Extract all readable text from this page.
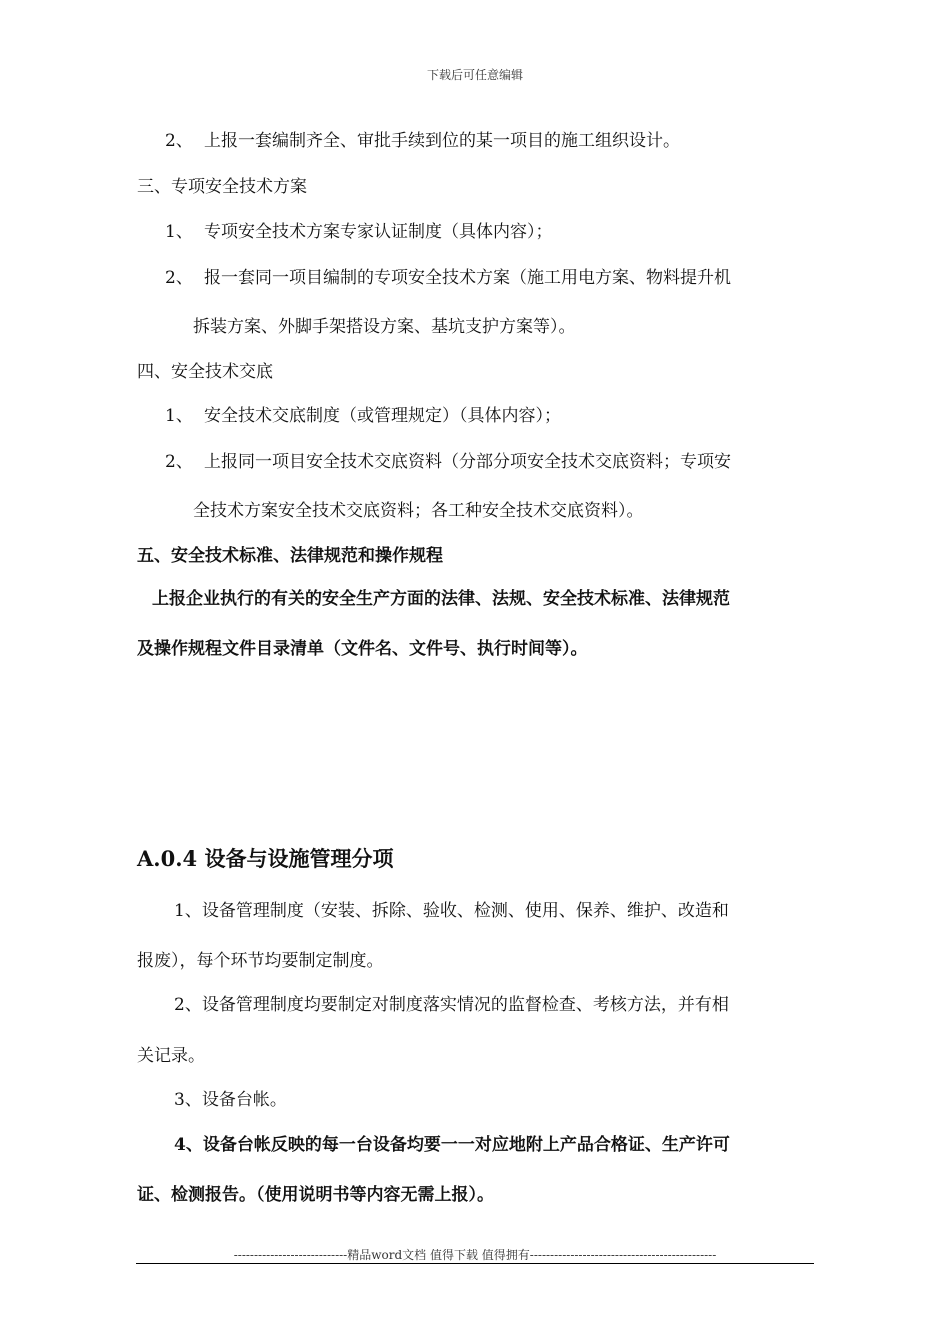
下载后可任意编辑
2、 上报一套编制齐全、审批手续到位的某一项目的施工组织设计。
三、专项安全技术方案
1、 专项安全技术方案专家认证制度（具体内容）；
2、 报一套同一项目编制的专项安全技术方案（施工用电方案、物料提升机
拆装方案、外脚手架搭设方案、基坑支护方案等）。
四、安全技术交底
1、 安全技术交底制度（或管理规定）（具体内容）；
2、 上报同一项目安全技术交底资料（分部分项安全技术交底资料；专项安
全技术方案安全技术交底资料；各工种安全技术交底资料）。
五、安全技术标准、法律规范和操作规程
上报企业执行的有关的安全生产方面的法律、法规、安全技术标准、法律规范
及操作规程文件目录清单（文件名、文件号、执行时间等）。
A.0.4 设备与设施管理分项
1、设备管理制度（安装、拆除、验收、检测、使用、保养、维护、改造和
报废），每个环节均要制定制度。
2、设备管理制度均要制定对制度落实情况的监督检查、考核方法，并有相
关记录。
3、设备台帐。
4、设备台帐反映的每一台设备均要一一对应地附上产品合格证、生产许可
证、检测报告。（使用说明书等内容无需上报）。
----------------------------精品word文档 值得下载 值得拥有----------------------------------------------
